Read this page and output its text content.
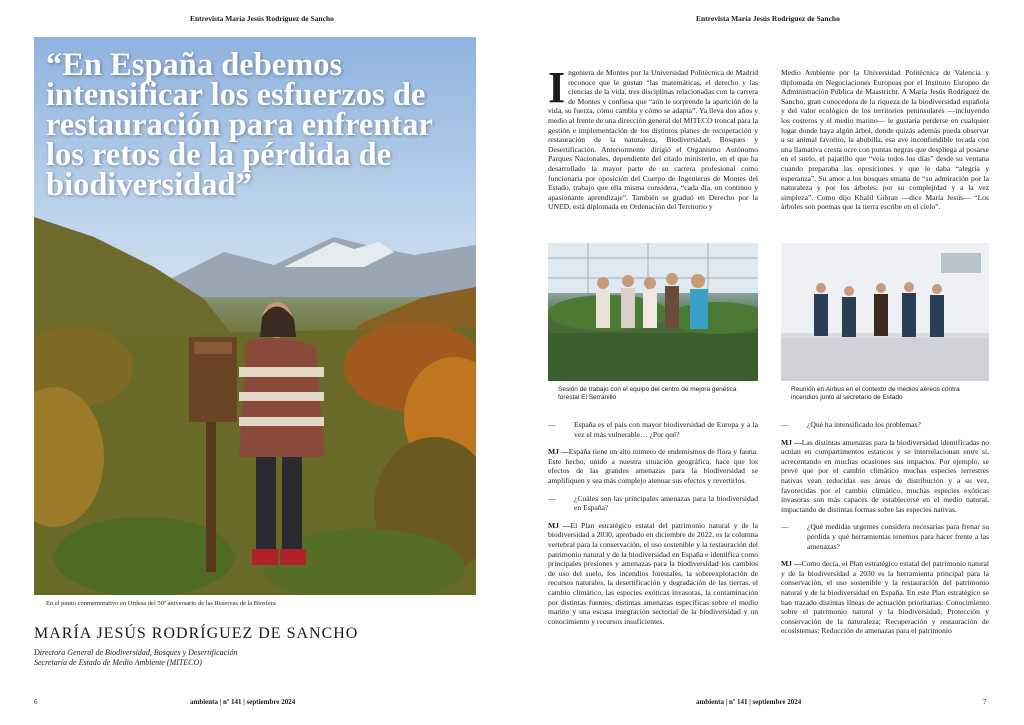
Entrevista María Jesús Rodríguez de Sancho	Entrevista María Jesús Rodríguez de Sancho
“En España debemos intensificar los esfuerzos de restauración para enfrentar los retos de la pérdida de biodiversidad”
En el punto conmemorativo en Ordesa del 50º aniversario de las Reservas de la Biosfera
MARÍA JESÚS RODRÍGUEZ DE SANCHO
Directora General de Biodiversidad, Bosques y Desertificación
Secretaría de Estado de Medio Ambiente (MITECO)
Ingeniera de Montes por la Universidad Politécnica de Madrid reconoce que le gustan “las matemáticas, el derecho y las ciencias de la vida, tres disciplinas relacionadas con la carrera de Montes y confiesa que “aún le sorprende la aparición de la vida, su fuerza, cómo cambia y cómo se adapta”. Ya lleva dos años y medio al frente de una dirección general del MITECO troncal para la gestión e implementación de los distintos planes de recuperación y restauración de la naturaleza, Biodiversidad, Bosques y Desertificación. Anteriormente dirigió el Organismo Autónomo Parques Nacionales, dependiente del citado ministerio, en el que ha desarrollado la mayor parte de su carrera profesional como funcionaria por oposición del Cuerpo de Ingenieros de Montes del Estado, trabajo que ella misma considera, “cada día, un continuo y apasionante aprendizaje”. También se graduó en Derecho por la UNED, está diplomada en Ordenación del Territorio y
Medio Ambiente por la Universidad Politécnica de Valencia y diplomada en Negociaciones Europeas por el Instituto Europeo de Administración Pública de Maastricht. A María Jesús Rodríguez de Sancho, gran conocedora de la riqueza de la biodiversidad española y del valor ecológico de los territorios peninsulares —incluyendo los costeros y el medio marino— le gustaría perderse en cualquier lugar donde haya algún árbol, donde quizás además pueda observar a su animal favorito, la abubilla, esa ave inconfundible tocada con una llamativa cresta ocre con puntas negras que despliega al posarse en el suelo, el pajarillo que “veía todos los días” desde su ventana cuando preparaba las oposiciones y que le daba “alegría y esperanza”. Su amor a los bosques emana de “su admiración por la naturaleza y por los árboles, por su complejidad y a la vez simpleza”. Como dijo Khalil Gibran —dice María Jesús— “Los árboles son poemas que la tierra escribe en el cielo”.
Sesión de trabajo con el equipo del centro de mejora genética forestal El Serranillo
Reunión en Airbus en el contexto de medios aéreos contra incendios junto al secretario de Estado
—	España es el país con mayor biodiversidad de Europa y a la vez el más vulnerable… ¿Por qué?
MJ —España tiene un alto número de endemismos de flora y fauna. Este hecho, unido a nuestra situación geográfica, hace que los efectos de las grandes amenazas para la biodiversidad se amplifiquen y sea más complejo atenuar sus efectos y revertirlos.
—	¿Cuáles son las principales amenazas para la biodiversidad en España?
MJ —El Plan estratégico estatal del patrimonio natural y de la biodiversidad a 2030, aprobado en diciembre de 2022, es la columna vertebral para la conservación, el uso sostenible y la restauración del patrimonio natural y de la biodiversidad en España e identifica como principales presiones y amenazas para la biodiversidad los cambios de uso del suelo, los incendios forestales, la sobreexplotación de recursos naturales, la desertificación y degradación de las tierras, el cambio climático, las especies exóticas invasoras, la contaminación por distintas fuentes, distintas amenazas específicas sobre el medio marino y una escasa integración sectorial de la biodiversidad y un conocimiento y recursos insuficientes.
—	¿Qué ha intensificado los problemas?
MJ —Las distintas amenazas para la biodiversidad identificadas no actúan en compartimentos estancos y se interrelacionan entre sí, acrecentando en muchas ocasiones sus impactos. Por ejemplo, se prevé que por el cambio climático muchas especies terrestres nativas vean reducidas sus áreas de distribución y a su vez, favorecidas por el cambio climático, muchas especies exóticas invasoras son más capaces de establecerse en el medio natural, impactando de distintas formas sobre las especies nativas.
—	¿Qué medidas urgentes considera necesarias para frenar su pérdida y qué herramientas tenemos para hacer frente a las amenazas?
MJ —Como decía, el Plan estratégico estatal del patrimonio natural y de la biodiversidad a 2030 es la herramienta principal para la conservación, el uso sostenible y la restauración del patrimonio natural y de la biodiversidad en España. En este Plan estratégico se han trazado distintas líneas de actuación prioritarias: Conocimiento sobre el patrimonio natural y la biodiversidad; Protección y conservación de la naturaleza; Recuperación y restauración de ecosistemas; Reducción de amenazas para el patrimonio
6	ambienta | nº 141 | septiembre 2024	ambienta | nº 141 | septiembre 2024	7
